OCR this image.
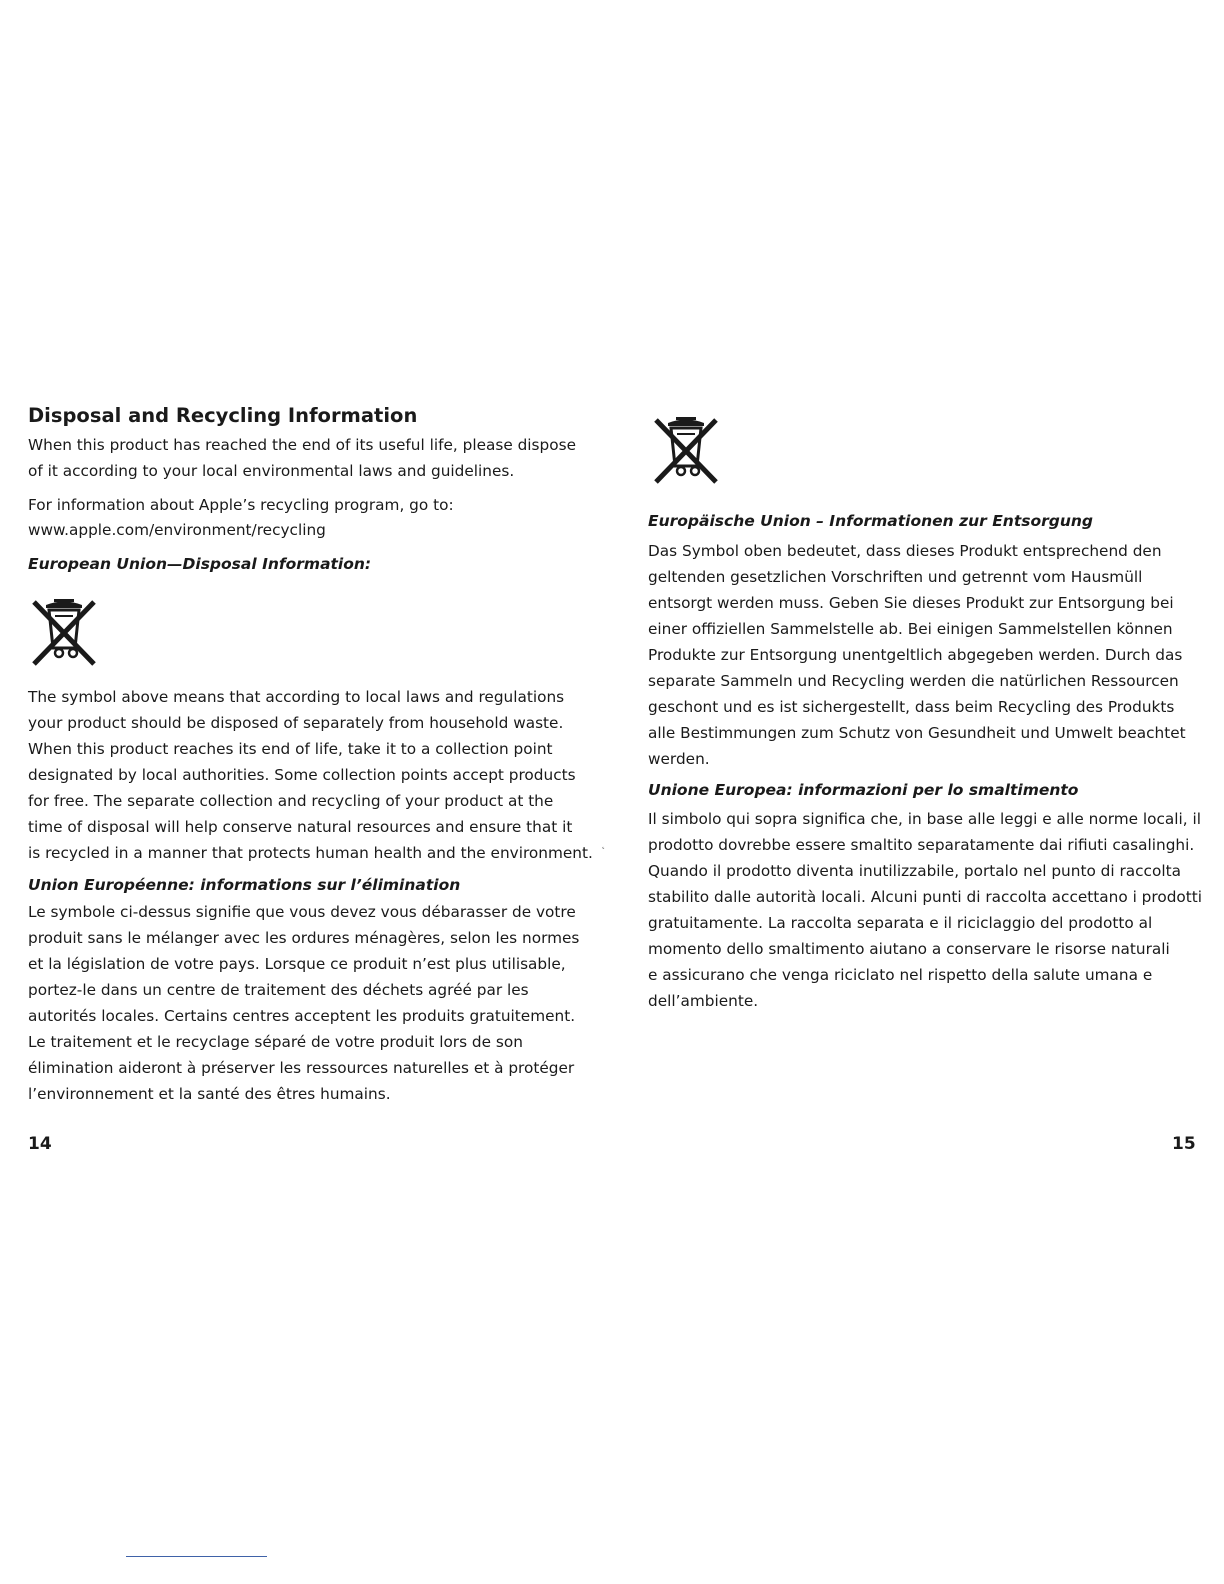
Disposal and Recycling Information
When this product has reached the end of its useful life, please dispose
of it according to your local environmental laws and guidelines.
For information about Apple’s recycling program, go to:
www.apple.com/environment/recycling
European Union—Disposal Information:
The symbol above means that according to local laws and regulations
your product should be disposed of separately from household waste.
When this product reaches its end of life, take it to a collection point
designated by local authorities. Some collection points accept products
for free. The separate collection and recycling of your product at the
time of disposal will help conserve natural resources and ensure that it
is recycled in a manner that protects human health and the environment.
Union Européenne: informations sur l’élimination
Le symbole ci-dessus signifie que vous devez vous débarasser de votre
produit sans le mélanger avec les ordures ménagères, selon les normes
et la législation de votre pays. Lorsque ce produit n’est plus utilisable,
portez-le dans un centre de traitement des déchets agréé par les
autorités locales. Certains centres acceptent les produits gratuitement.
Le traitement et le recyclage séparé de votre produit lors de son
élimination aideront à préserver les ressources naturelles et à protéger
l’environnement et la santé des êtres humains.
14
Europäische Union – Informationen zur Entsorgung
Das Symbol oben bedeutet, dass dieses Produkt entsprechend den
geltenden gesetzlichen Vorschriften und getrennt vom Hausmüll
entsorgt werden muss. Geben Sie dieses Produkt zur Entsorgung bei
einer offiziellen Sammelstelle ab. Bei einigen Sammelstellen können
Produkte zur Entsorgung unentgeltlich abgegeben werden. Durch das
separate Sammeln und Recycling werden die natürlichen Ressourcen
geschont und es ist sichergestellt, dass beim Recycling des Produkts
alle Bestimmungen zum Schutz von Gesundheit und Umwelt beachtet
werden.
Unione Europea: informazioni per lo smaltimento
Il simbolo qui sopra significa che, in base alle leggi e alle norme locali, il
prodotto dovrebbe essere smaltito separatamente dai rifiuti casalinghi.
Quando il prodotto diventa inutilizzabile, portalo nel punto di raccolta
stabilito dalle autorità locali. Alcuni punti di raccolta accettano i prodotti
gratuitamente. La raccolta separata e il riciclaggio del prodotto al
momento dello smaltimento aiutano a conservare le risorse naturali
e assicurano che venga riciclato nel rispetto della salute umana e
dell’ambiente.
15
˛
